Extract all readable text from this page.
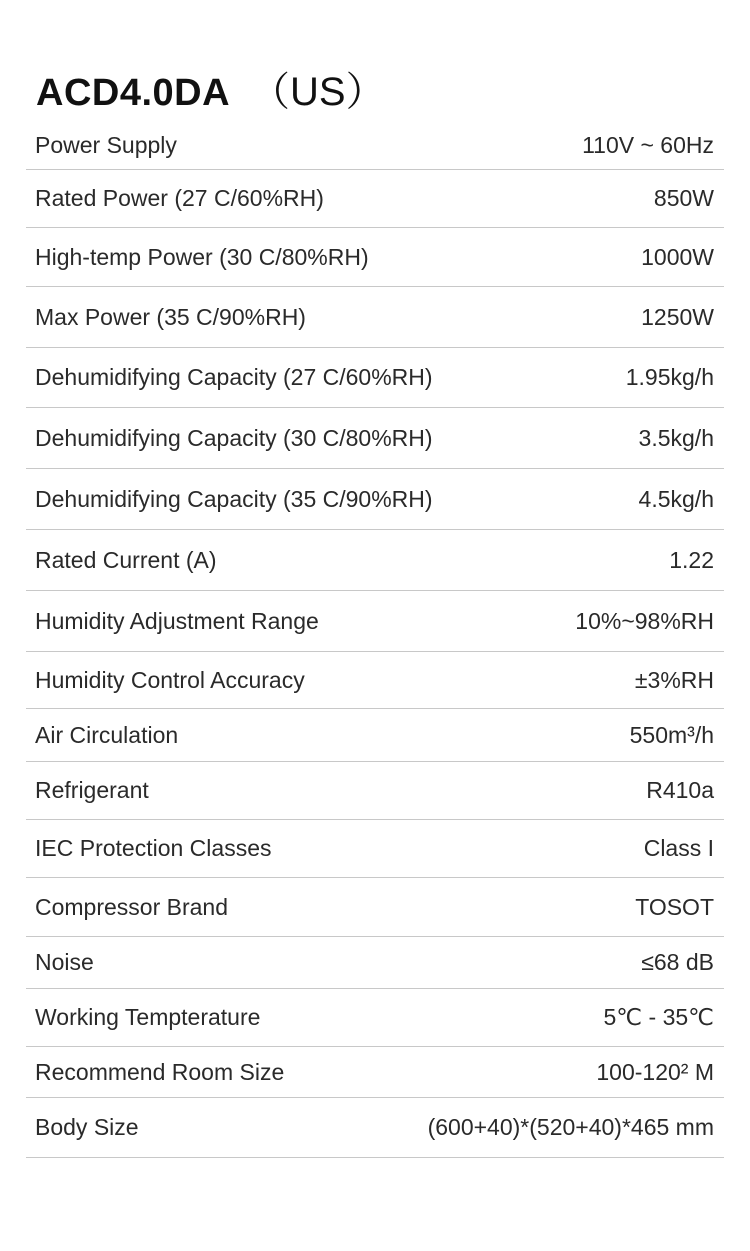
ACD4.0DA （US）
Power Supply	110V ~ 60Hz
Rated Power (27 C/60%RH)	850W
High-temp Power (30 C/80%RH)	1000W
Max Power (35 C/90%RH)	1250W
Dehumidifying Capacity (27 C/60%RH)	1.95kg/h
Dehumidifying Capacity (30 C/80%RH)	3.5kg/h
Dehumidifying Capacity (35 C/90%RH)	4.5kg/h
Rated Current (A)	1.22
Humidity Adjustment Range	10%~98%RH
Humidity Control Accuracy	±3%RH
Air Circulation	550m³/h
Refrigerant	R410a
IEC Protection Classes	Class I
Compressor Brand	TOSOT
Noise	≤68 dB
Working Tempterature	5℃ - 35℃
Recommend Room Size	100-120² M
Body Size	(600+40)*(520+40)*465 mm
